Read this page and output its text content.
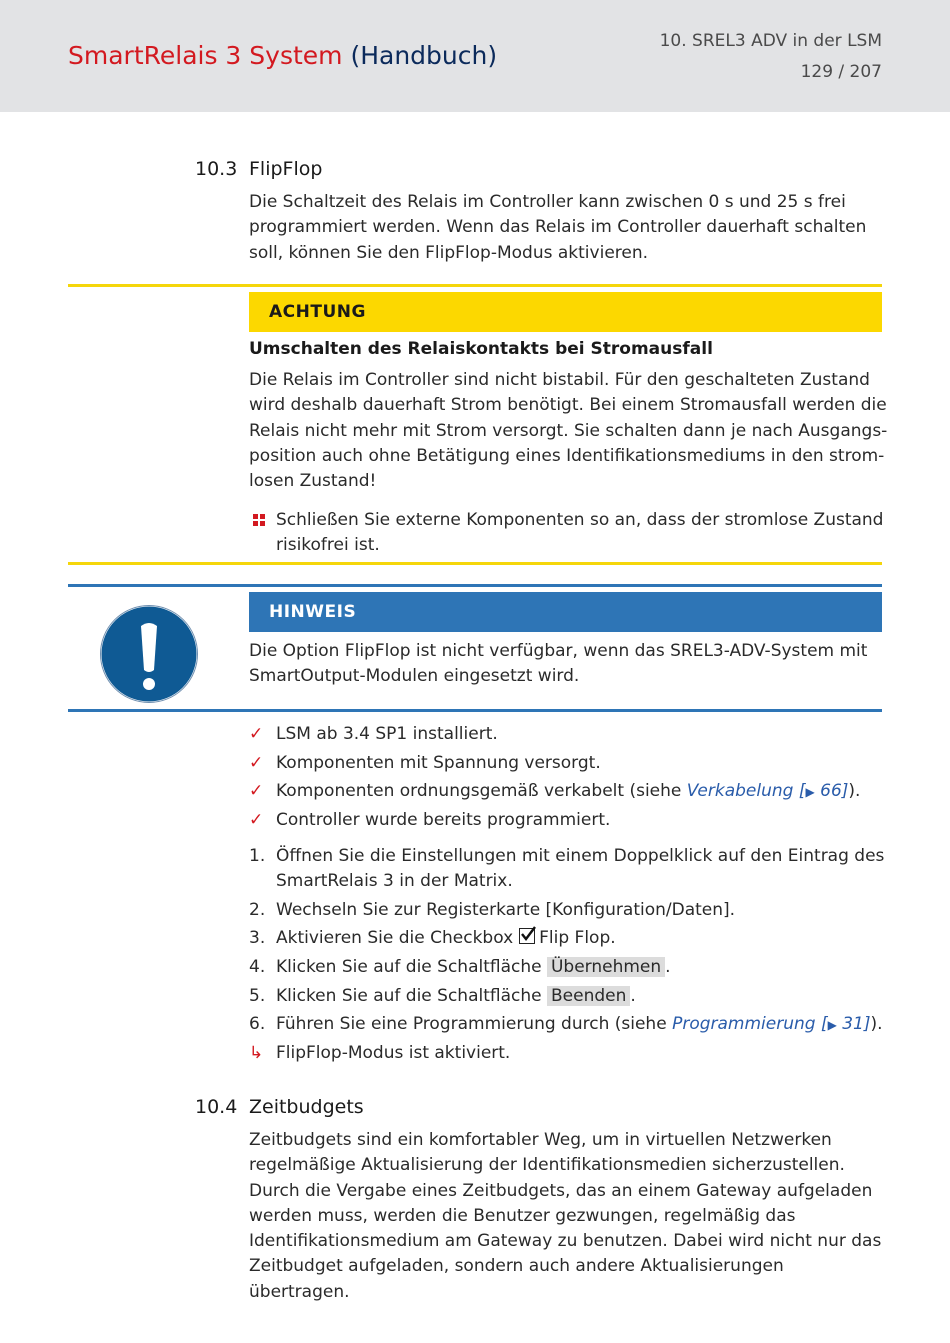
SmartRelais 3 System (Handbuch)	10. SREL3 ADV in der LSM
129 / 207
10.3 FlipFlop
Die Schaltzeit des Relais im Controller kann zwischen 0 s und 25 s frei
programmiert werden. Wenn das Relais im Controller dauerhaft schalten
soll, können Sie den FlipFlop-Modus aktivieren.
ACHTUNG
Umschalten des Relaiskontakts bei Stromausfall
Die Relais im Controller sind nicht bistabil. Für den geschalteten Zustand
wird deshalb dauerhaft Strom benötigt. Bei einem Stromausfall werden die
Relais nicht mehr mit Strom versorgt. Sie schalten dann je nach Ausgangs-
position auch ohne Betätigung eines Identifikationsmediums in den strom-
losen Zustand!
Schließen Sie externe Komponenten so an, dass der stromlose Zustand
risikofrei ist.
HINWEIS
Die Option FlipFlop ist nicht verfügbar, wenn das SREL3-ADV-System mit
SmartOutput-Modulen eingesetzt wird.
✓ LSM ab 3.4 SP1 installiert.
✓ Komponenten mit Spannung versorgt.
✓ Komponenten ordnungsgemäß verkabelt (siehe Verkabelung [▶ 66]).
✓ Controller wurde bereits programmiert.
1. Öffnen Sie die Einstellungen mit einem Doppelklick auf den Eintrag des
SmartRelais 3 in der Matrix.
2. Wechseln Sie zur Registerkarte [Konfiguration/Daten].
3. Aktivieren Sie die Checkbox Flip Flop.
4. Klicken Sie auf die Schaltfläche Übernehmen .
5. Klicken Sie auf die Schaltfläche Beenden .
6. Führen Sie eine Programmierung durch (siehe Programmierung [▶ 31]).
↳ FlipFlop-Modus ist aktiviert.
10.4 Zeitbudgets
Zeitbudgets sind ein komfortabler Weg, um in virtuellen Netzwerken
regelmäßige Aktualisierung der Identifikationsmedien sicherzustellen.
Durch die Vergabe eines Zeitbudgets, das an einem Gateway aufgeladen
werden muss, werden die Benutzer gezwungen, regelmäßig das
Identifikationsmedium am Gateway zu benutzen. Dabei wird nicht nur das
Zeitbudget aufgeladen, sondern auch andere Aktualisierungen übertragen.
